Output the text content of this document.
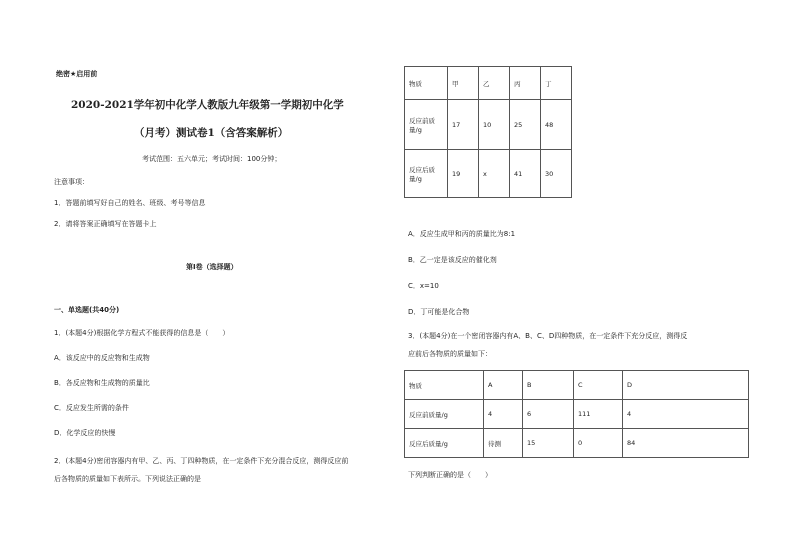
绝密★启用前
2020-2021学年初中化学人教版九年级第一学期初中化学
（月考）测试卷1（含答案解析）
考试范围：五六单元；考试时间：100分钟；
注意事项：
1．答题前填写好自己的姓名、班级、考号等信息
2．请将答案正确填写在答题卡上
第I卷（选择题）
一、单选题(共40分)
1．(本题4分)根据化学方程式不能获得的信息是（　　）
A．该反应中的反应物和生成物
B．各反应物和生成物的质量比
C．反应发生所需的条件
D．化学反应的快慢
2．(本题4分)密闭容器内有甲、乙、丙、丁四种物质，在一定条件下充分混合反应，测得反应前
后各物质的质量如下表所示。下列说法正确的是
物质	甲	乙	丙	丁
反应前质
量/g	17	10	25	48
反应后质
量/g	19	x	41	30
A．反应生成甲和丙的质量比为8:1
B．乙一定是该反应的催化剂
C．x=10
D．丁可能是化合物
3．(本题4分)在一个密闭容器内有A、B、C、D四种物质，在一定条件下充分反应，测得反
应前后各物质的质量如下：
物质	A	B	C	D
反应前质量/g	4	6	111	4
反应后质量/g	待测	15	0	84
下列判断正确的是（　　）
